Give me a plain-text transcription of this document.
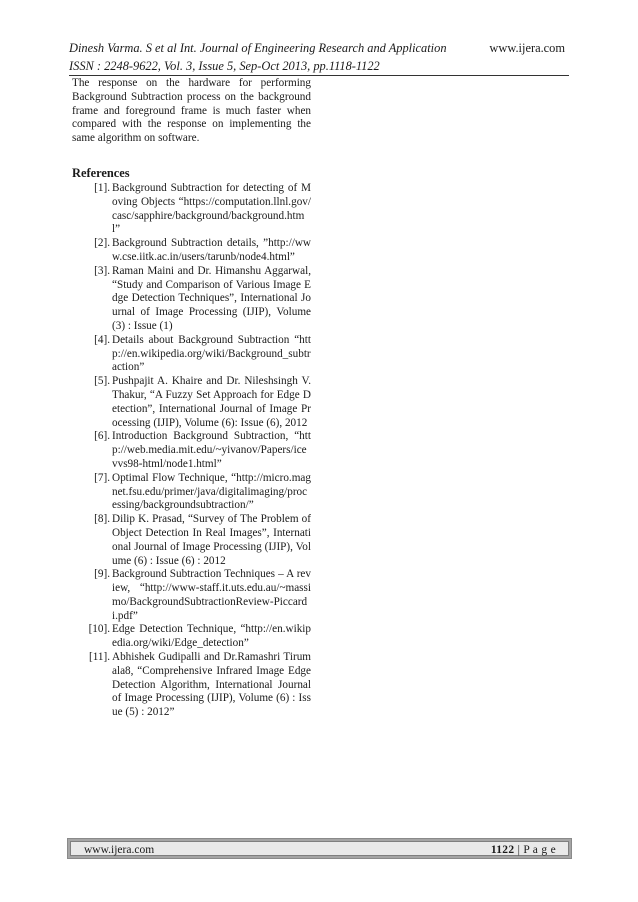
Dinesh Varma. S et al Int. Journal of Engineering Research and Application
ISSN : 2248-9622, Vol. 3, Issue 5, Sep-Oct 2013, pp.1118-1122
www.ijera.com

The response on the hardware for performing Background Subtraction process on the background frame and foreground frame is much faster when compared with the response on implementing the same algorithm on software.

References
[1]. Background Subtraction for detecting of Moving Objects “https://computation.llnl.gov/casc/sapphire/background/background.html”
[2]. Background Subtraction details, ”http://www.cse.iitk.ac.in/users/tarunb/node4.html”
[3]. Raman Maini and Dr. Himanshu Aggarwal, “Study and Comparison of Various Image Edge Detection Techniques”, International Journal of Image Processing (IJIP), Volume (3) : Issue (1)
[4]. Details about Background Subtraction “http://en.wikipedia.org/wiki/Background_subtraction”
[5]. Pushpajit A. Khaire and Dr. Nileshsingh V. Thakur, “A Fuzzy Set Approach for Edge Detection”, International Journal of Image Processing (IJIP), Volume (6): Issue (6), 2012
[6]. Introduction Background Subtraction, “http://web.media.mit.edu/~yivanov/Papers/icevvs98-html/node1.html”
[7]. Optimal Flow Technique, “http://micro.magnet.fsu.edu/primer/java/digitalimaging/processing/backgroundsubtraction/”
[8]. Dilip K. Prasad, “Survey of The Problem of Object Detection In Real Images”, International Journal of Image Processing (IJIP), Volume (6) : Issue (6) : 2012
[9]. Background Subtraction Techniques – A review, “http://www-staff.it.uts.edu.au/~massimo/BackgroundSubtractionReview-Piccardi.pdf”
[10]. Edge Detection Technique, “http://en.wikipedia.org/wiki/Edge_detection”
[11]. Abhishek Gudipalli and Dr.Ramashri Tirumala8, “Comprehensive Infrared Image Edge Detection Algorithm, International Journal of Image Processing (IJIP), Volume (6) : Issue (5) : 2012”
www.ijera.com	1122 | P a g e
